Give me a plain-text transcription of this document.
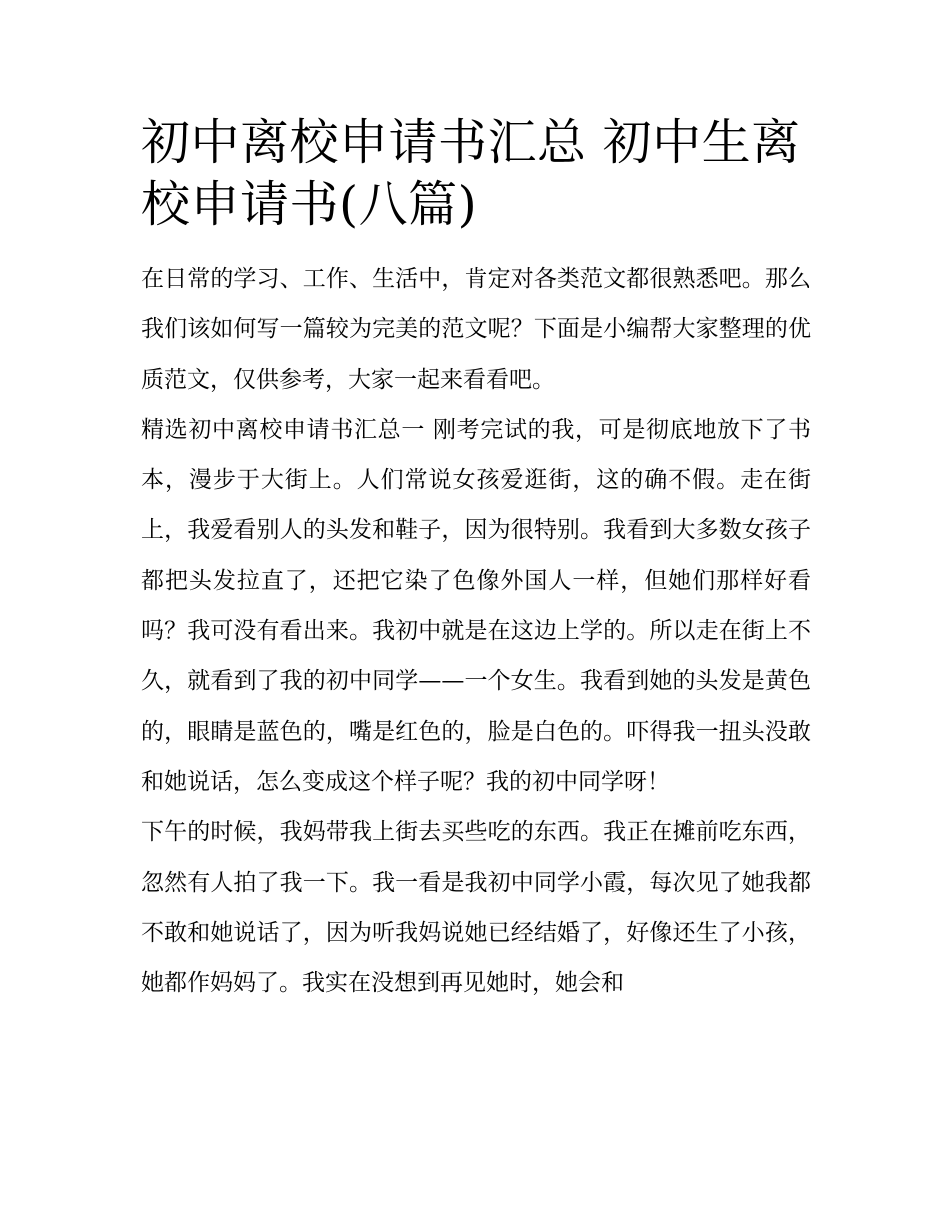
初中离校申请书汇总 初中生离校申请书(八篇)

在日常的学习、工作、生活中，肯定对各类范文都很熟悉吧。那么我们该如何写一篇较为完美的范文呢？下面是小编帮大家整理的优质范文，仅供参考，大家一起来看看吧。

精选初中离校申请书汇总一 刚考完试的我，可是彻底地放下了书本，漫步于大街上。人们常说女孩爱逛街，这的确不假。走在街上，我爱看别人的头发和鞋子，因为很特别。我看到大多数女孩子都把头发拉直了，还把它染了色像外国人一样，但她们那样好看吗？我可没有看出来。我初中就是在这边上学的。所以走在街上不久，就看到了我的初中同学——一个女生。我看到她的头发是黄色的，眼睛是蓝色的，嘴是红色的，脸是白色的。吓得我一扭头没敢和她说话，怎么变成这个样子呢？我的初中同学呀！

下午的时候，我妈带我上街去买些吃的东西。我正在摊前吃东西，忽然有人拍了我一下。我一看是我初中同学小霞，每次见了她我都不敢和她说话了，因为听我妈说她已经结婚了，好像还生了小孩，她都作妈妈了。我实在没想到再见她时，她会和
